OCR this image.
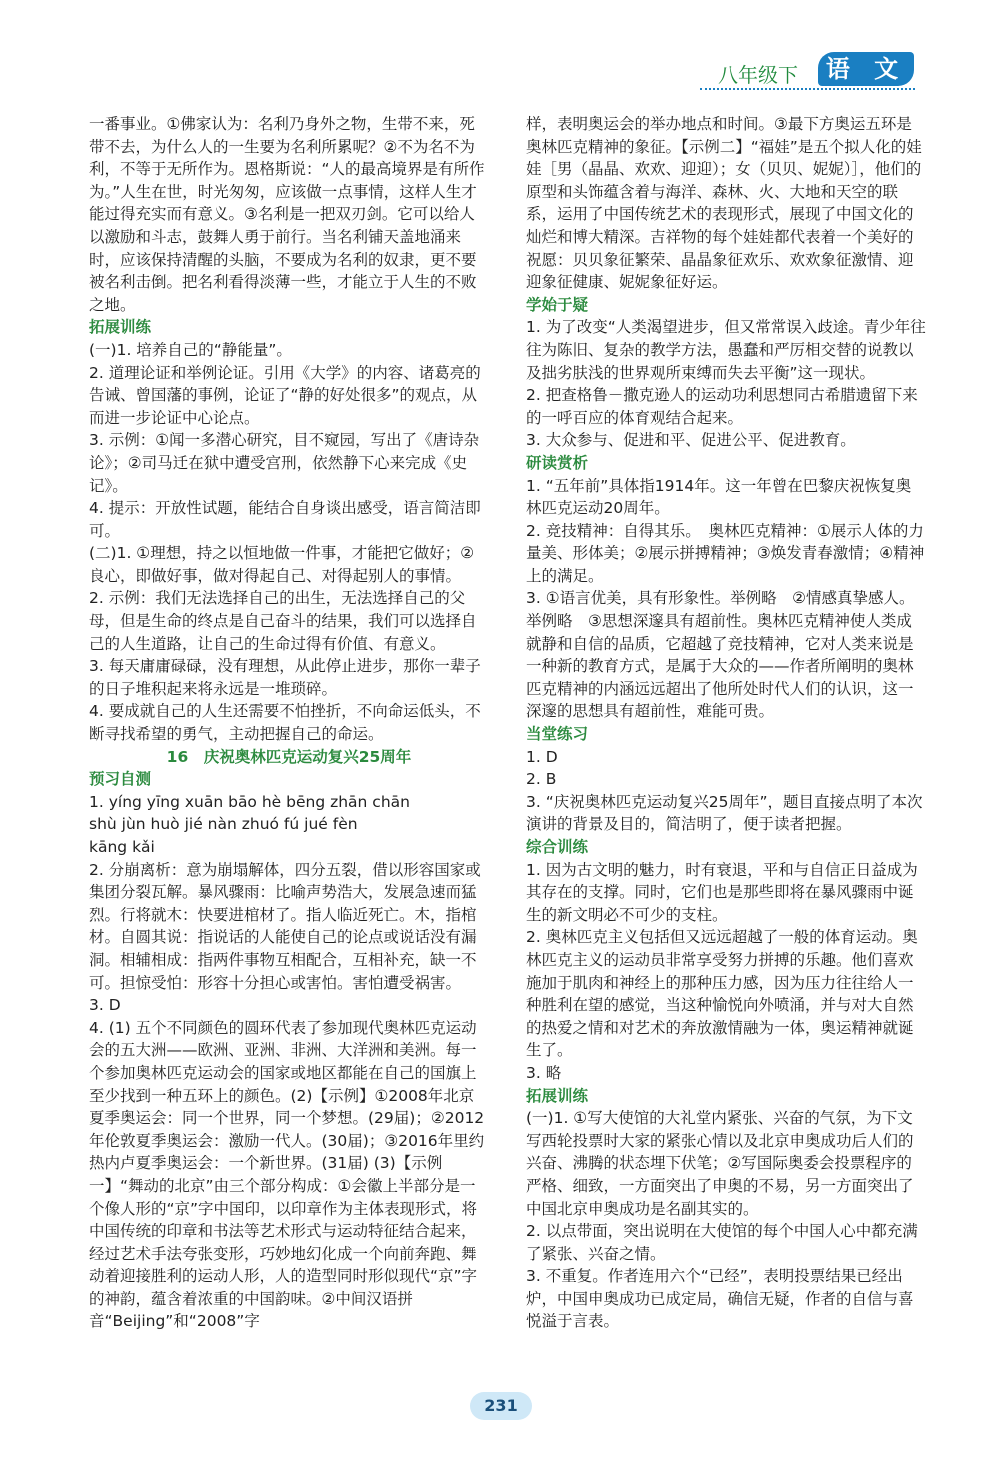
八年级下	语 文

一番事业。①佛家认为：名利乃身外之物，生带不来，死带不去，为什么人的一生要为名利所累呢？②不为名不为利，不等于无所作为。恩格斯说：“人的最高境界是有所作为。”人生在世，时光匆匆，应该做一点事情，这样人生才能过得充实而有意义。③名利是一把双刃剑。它可以给人以激励和斗志，鼓舞人勇于前行。当名利铺天盖地涌来时，应该保持清醒的头脑，不要成为名利的奴隶，更不要被名利击倒。把名利看得淡薄一些，才能立于人生的不败之地。

拓展训练

(一)1. 培养自己的“静能量”。

2. 道理论证和举例论证。引用《大学》的内容、诸葛亮的告诫、曾国藩的事例，论证了“静的好处很多”的观点，从而进一步论证中心论点。

3. 示例：①闻一多潜心研究，目不窥园，写出了《唐诗杂论》；②司马迁在狱中遭受宫刑，依然静下心来完成《史记》。

4. 提示：开放性试题，能结合自身谈出感受，语言简洁即可。

(二)1. ①理想，持之以恒地做一件事，才能把它做好；②良心，即做好事，做对得起自己、对得起别人的事情。

2. 示例：我们无法选择自己的出生，无法选择自己的父母，但是生命的终点是自己奋斗的结果，我们可以选择自己的人生道路，让自己的生命过得有价值、有意义。

3. 每天庸庸碌碌，没有理想，从此停止进步，那你一辈子的日子堆积起来将永远是一堆琐碎。

4. 要成就自己的人生还需要不怕挫折，不向命运低头，不断寻找希望的勇气，主动把握自己的命运。

16　庆祝奥林匹克运动复兴25周年

预习自测

1. yíng yīng xuān bāo hè bēng zhān chān

shù jùn huò jié nàn zhuó fú jué fèn

kāng kǎi

2. 分崩离析：意为崩塌解体，四分五裂，借以形容国家或集团分裂瓦解。暴风骤雨：比喻声势浩大，发展急速而猛烈。行将就木：快要进棺材了。指人临近死亡。木，指棺材。自圆其说：指说话的人能使自己的论点或说话没有漏洞。相辅相成：指两件事物互相配合，互相补充，缺一不可。担惊受怕：形容十分担心或害怕。害怕遭受祸害。

3. D

4. (1) 五个不同颜色的圆环代表了参加现代奥林匹克运动会的五大洲——欧洲、亚洲、非洲、大洋洲和美洲。每一个参加奥林匹克运动会的国家或地区都能在自己的国旗上至少找到一种五环上的颜色。(2)【示例】①2008年北京夏季奥运会：同一个世界，同一个梦想。(29届)；②2012年伦敦夏季奥运会：激励一代人。(30届)；③2016年里约热内卢夏季奥运会：一个新世界。(31届) (3)【示例一】“舞动的北京”由三个部分构成：①会徽上半部分是一个像人形的“京”字中国印，以印章作为主体表现形式，将中国传统的印章和书法等艺术形式与运动特征结合起来，经过艺术手法夸张变形，巧妙地幻化成一个向前奔跑、舞动着迎接胜利的运动人形，人的造型同时形似现代“京”字的神韵，蕴含着浓重的中国韵味。②中间汉语拼音“Beijing”和“2008”字

样，表明奥运会的举办地点和时间。③最下方奥运五环是奥林匹克精神的象征。【示例二】“福娃”是五个拟人化的娃娃［男（晶晶、欢欢、迎迎）；女（贝贝、妮妮）］，他们的原型和头饰蕴含着与海洋、森林、火、大地和天空的联系，运用了中国传统艺术的表现形式，展现了中国文化的灿烂和博大精深。吉祥物的每个娃娃都代表着一个美好的祝愿：贝贝象征繁荣、晶晶象征欢乐、欢欢象征激情、迎迎象征健康、妮妮象征好运。

学始于疑

1. 为了改变“人类渴望进步，但又常常误入歧途。青少年往往为陈旧、复杂的教学方法，愚蠢和严厉相交替的说教以及拙劣肤浅的世界观所束缚而失去平衡”这一现状。

2. 把查格鲁－撒克逊人的运动功利思想同古希腊遗留下来的一呼百应的体育观结合起来。

3. 大众参与、促进和平、促进公平、促进教育。

研读赏析

1. “五年前”具体指1914年。这一年曾在巴黎庆祝恢复奥林匹克运动20周年。

2. 竞技精神：自得其乐。　奥林匹克精神：①展示人体的力量美、形体美；②展示拼搏精神；③焕发青春激情；④精神上的满足。

3. ①语言优美，具有形象性。举例略　②情感真挚感人。举例略　③思想深邃具有超前性。奥林匹克精神使人类成就静和自信的品质，它超越了竞技精神，它对人类来说是一种新的教育方式，是属于大众的——作者所阐明的奥林匹克精神的内涵远远超出了他所处时代人们的认识，这一深邃的思想具有超前性，难能可贵。

当堂练习

1. D

2. B

3. “庆祝奥林匹克运动复兴25周年”，题目直接点明了本次演讲的背景及目的，简洁明了，便于读者把握。

综合训练

1. 因为古文明的魅力，时有衰退，平和与自信正日益成为其存在的支撑。同时，它们也是那些即将在暴风骤雨中诞生的新文明必不可少的支柱。

2. 奥林匹克主义包括但又远远超越了一般的体育运动。奥林匹克主义的运动员非常享受努力拼搏的乐趣。他们喜欢施加于肌肉和神经上的那种压力感，因为压力往往给人一种胜利在望的感觉，当这种愉悦向外喷涌，并与对大自然的热爱之情和对艺术的奔放激情融为一体，奥运精神就诞生了。

3. 略

拓展训练

(一)1. ①写大使馆的大礼堂内紧张、兴奋的气氛，为下文写西轮投票时大家的紧张心情以及北京申奥成功后人们的兴奋、沸腾的状态埋下伏笔；②写国际奥委会投票程序的严格、细致，一方面突出了申奥的不易，另一方面突出了中国北京申奥成功是名副其实的。

2. 以点带面，突出说明在大使馆的每个中国人心中都充满了紧张、兴奋之情。

3. 不重复。作者连用六个“已经”，表明投票结果已经出炉，中国申奥成功已成定局，确信无疑，作者的自信与喜悦溢于言表。

231
